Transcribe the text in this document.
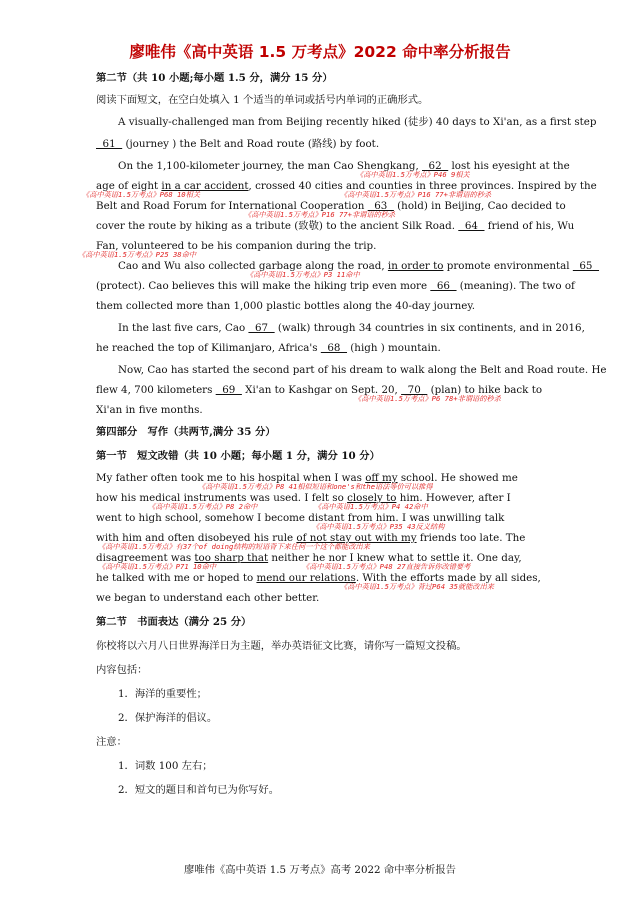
廖唯伟《高中英语 1.5 万考点》2022 命中率分析报告
第二节（共 10 小题;每小题 1.5 分，满分 15 分）
阅读下面短文，在空白处填入 1 个适当的单词或括号内单词的正确形式。
A visually-challenged man from Beijing recently hiked (徒步) 40 days to Xi'an, as a first step
61   (journey ) the Belt and Road route (路线) by foot.
On the 1,100-kilometer journey, the man Cao Shengkang,   62   lost his eyesight at the
《高中英语1.5万考点》P46 9相关
age of eight in a car accident, crossed 40 cities and counties in three provinces. Inspired by the
《高中英语1.5万考点》P68 10相关	《高中英语1.5万考点》P16 77+非谓语的秒杀
Belt and Road Forum for International Cooperation   63   (hold) in Beijing, Cao decided to
《高中英语1.5万考点》P16 77+非谓语的秒杀
cover the route by hiking as a tribute (致敬) to the ancient Silk Road.   64   friend of his, Wu
Fan, volunteered to be his companion during the trip.
《高中英语1.5万考点》P25 38命中
Cao and Wu also collected garbage along the road, in order to promote environmental   65
《高中英语1.5万考点》P3 11命中
(protect). Cao believes this will make the hiking trip even more   66   (meaning). The two of
them collected more than 1,000 plastic bottles along the 40-day journey.
In the last five cars, Cao   67   (walk) through 34 countries in six continents, and in 2016,
he reached the top of Kilimanjaro, Africa's   68   (high ) mountain.
Now, Cao has started the second part of his dream to walk along the Belt and Road route. He
flew 4, 700 kilometers   69   Xi'an to Kashgar on Sept. 20,   70   (plan) to hike back to
《高中英语1.5万考点》P6 78+非谓语的秒杀
Xi'an in five months.
第四部分　写作（共两节,满分 35 分）
第一节　短文改错（共 10 小题；每小题 1 分，满分 10 分）
My father often took me to his hospital when I was off my school. He showed me
《高中英语1.5万考点》P8 41相似短语和one's和the语法等价可以推得
how his medical instruments was used. I felt so closely to him. However, after I
《高中英语1.5万考点》P8 2命中	《高中英语1.5万考点》P4 42命中
went to high school, somehow I become distant from him. I was unwilling talk
《高中英语1.5万考点》P35 43反义结构
with him and often disobeyed his rule of not stay out with my friends too late. The
《高中英语1.5万考点》有37个of doing结构的短语背下来任何一个这个都能改出来
disagreement was too sharp that neither he nor I knew what to settle it. One day,
《高中英语1.5万考点》P71 10命中	《高中英语1.5万考点》P48 27直接告诉你改错要考
he talked with me or hoped to mend our relations. With the efforts made by all sides,
《高中英语1.5万考点》背过P64 35就能改出来
we began to understand each other better.
第二节　书面表达（满分 25 分）
你校将以六月八日世界海洋日为主题，举办英语征文比赛，请你写一篇短文投稿。
内容包括：
1．海洋的重要性；
2．保护海洋的倡议。
注意：
1．词数 100 左右；
2．短文的题目和首句已为你写好。
廖唯伟《高中英语 1.5 万考点》高考 2022 命中率分析报告
